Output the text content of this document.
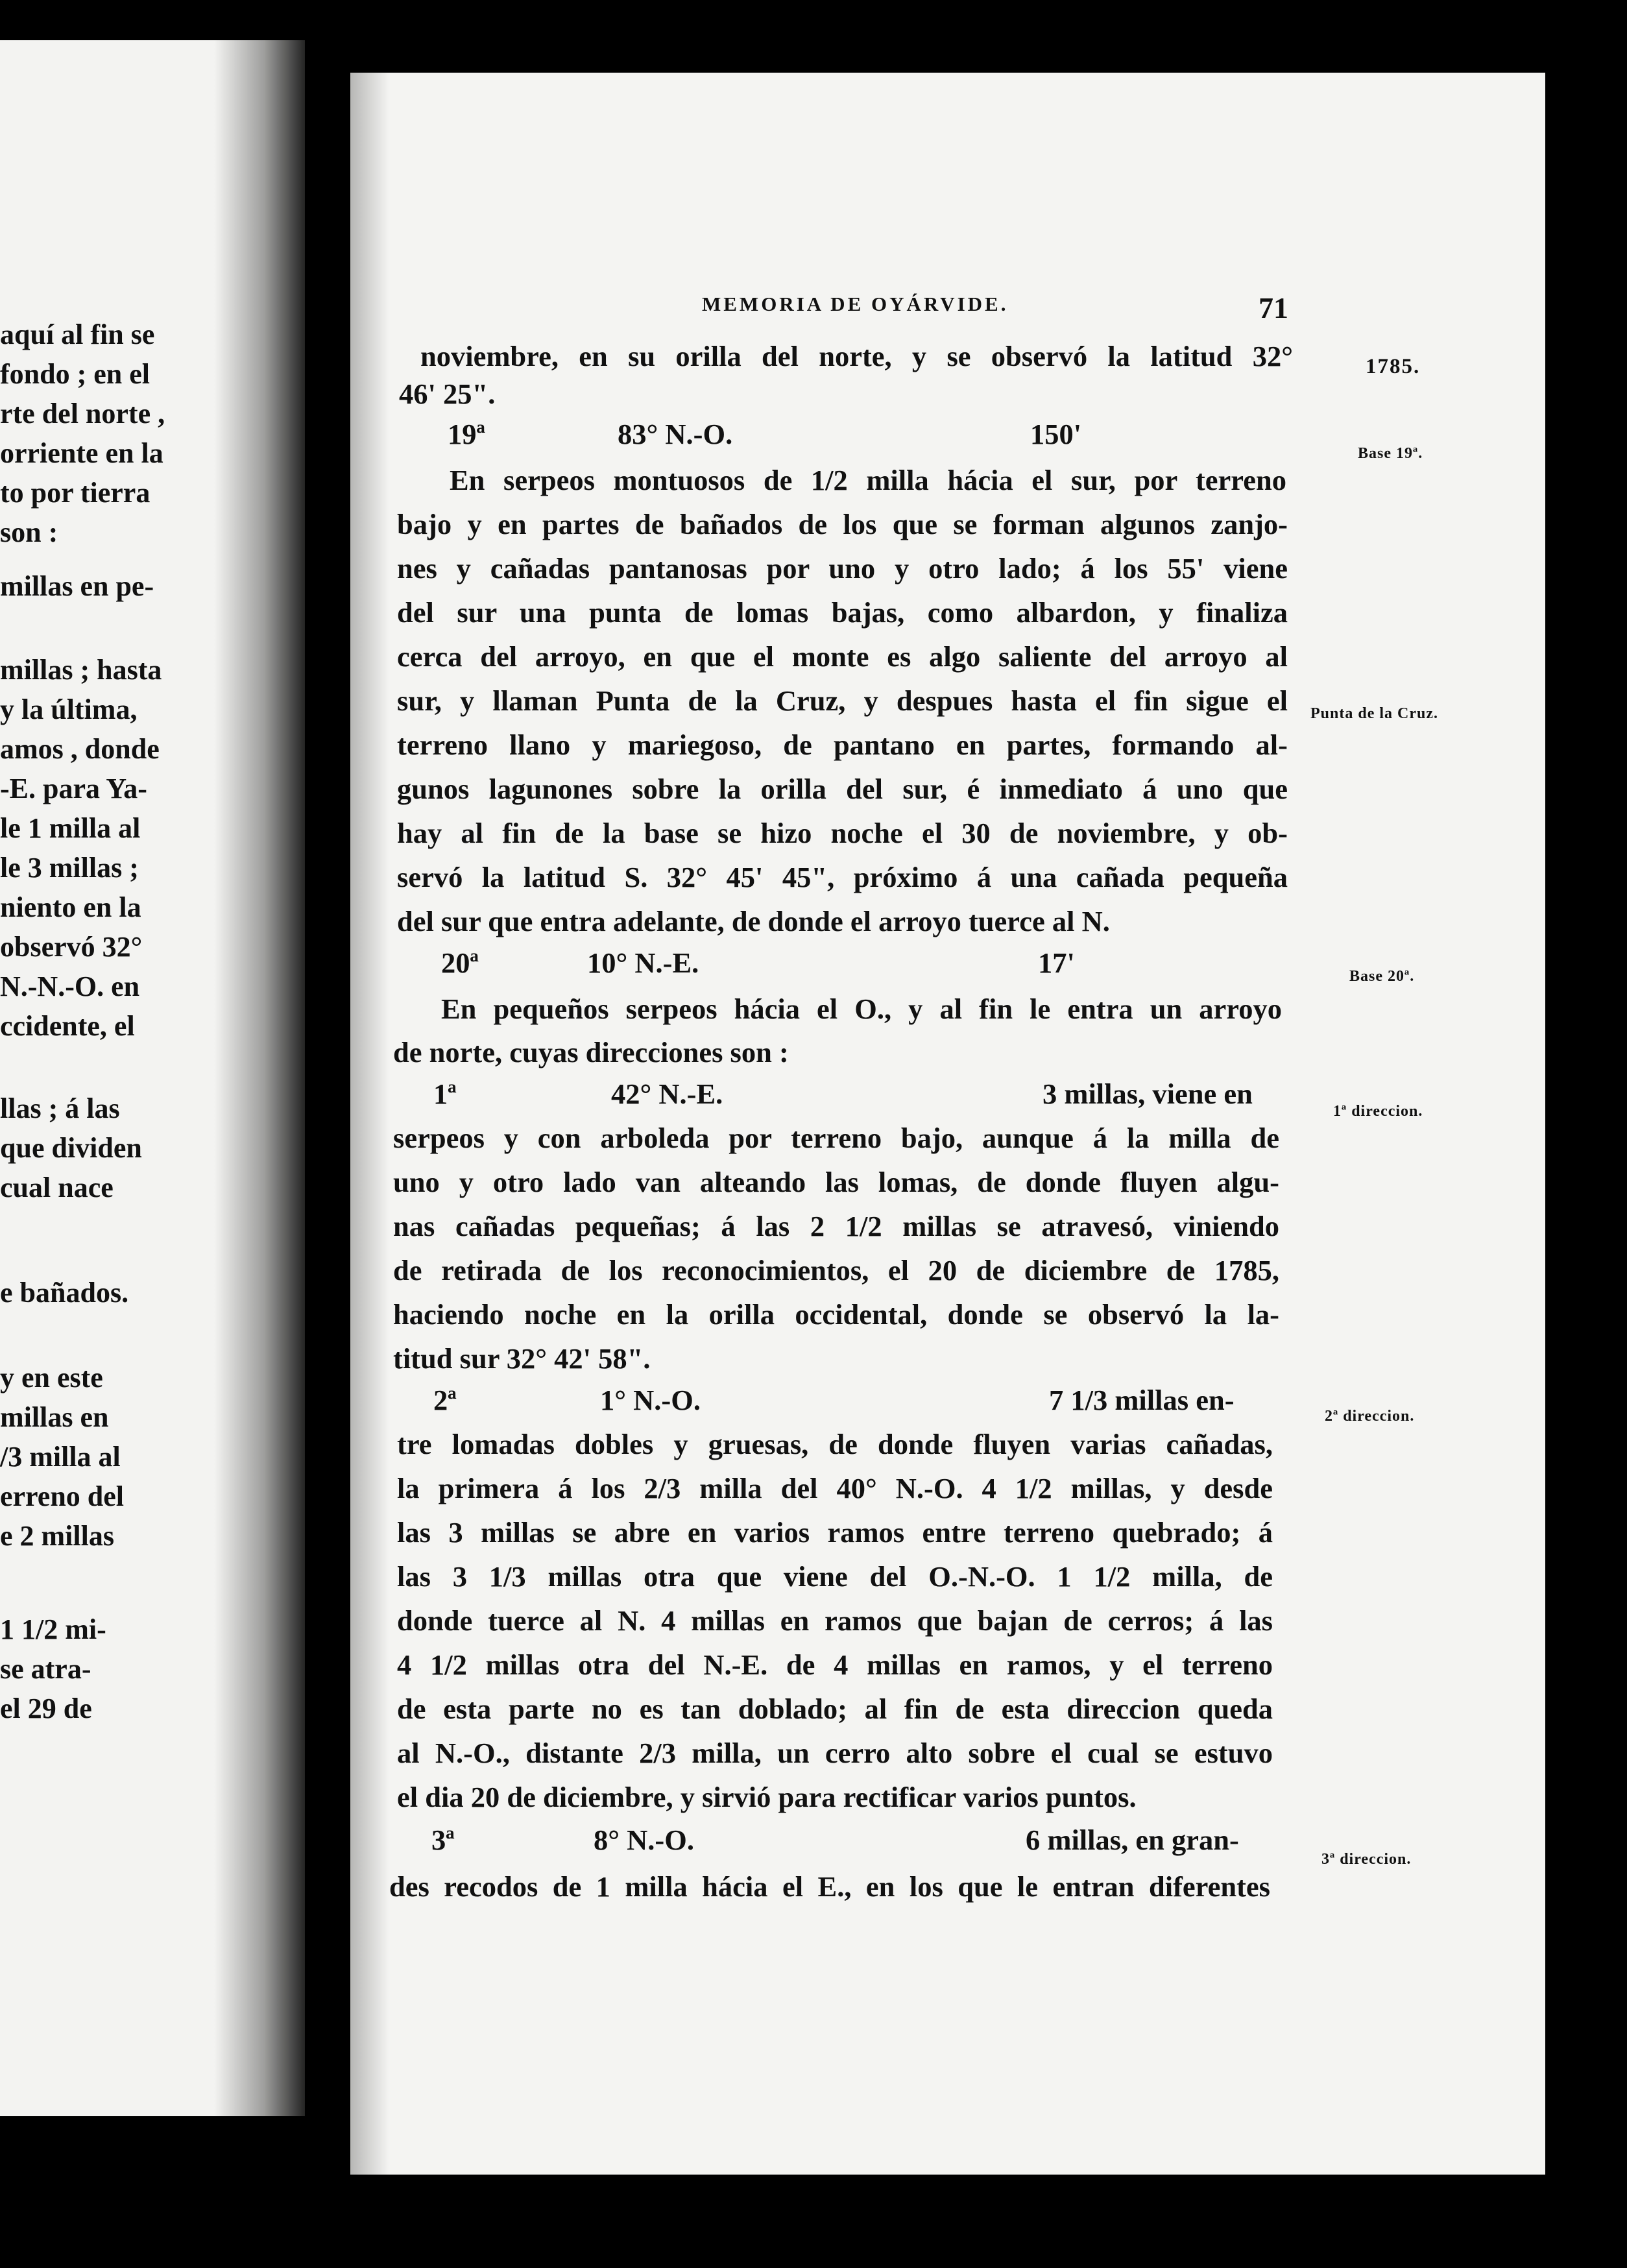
aquí al fin se
fondo ; en el
rte del norte ,
orriente en la
to por tierra
son :
millas en pe-
millas ; hasta
y la última,
amos , donde
-E. para Ya-
le 1 milla al
le 3 millas ;
niento en la
observó 32°
N.-N.-O. en
ccidente, el
llas ; á las
que dividen
cual nace
e bañados.
y en este
millas en
/3 milla al
erreno del
e 2 millas
1 1/2 mi-
se atra-
el 29 de
MEMORIA DE OYÁRVIDE.	71
1785.
Base 19ª.
Punta de la Cruz.
Base 20ª.
1ª direccion.
2ª direccion.
3ª direccion.
noviembre, en su orilla del norte, y se observó la latitud 32°
46' 25".
19ª	83° N.-O.	150'
En serpeos montuosos de 1/2 milla hácia el sur, por terreno
bajo y en partes de bañados de los que se forman algunos zanjo-
nes y cañadas pantanosas por uno y otro lado; á los 55' viene
del sur una punta de lomas bajas, como albardon, y finaliza
cerca del arroyo, en que el monte es algo saliente del arroyo al
sur, y llaman Punta de la Cruz, y despues hasta el fin sigue el
terreno llano y mariegoso, de pantano en partes, formando al-
gunos lagunones sobre la orilla del sur, é inmediato á uno que
hay al fin de la base se hizo noche el 30 de noviembre, y ob-
servó la latitud S. 32° 45' 45", próximo á una cañada pequeña
del sur que entra adelante, de donde el arroyo tuerce al N.
20ª	10° N.-E.	17'
En pequeños serpeos hácia el O., y al fin le entra un arroyo
de norte, cuyas direcciones son :
1ª	42° N.-E.	3 millas, viene en
serpeos y con arboleda por terreno bajo, aunque á la milla de
uno y otro lado van alteando las lomas, de donde fluyen algu-
nas cañadas pequeñas; á las 2 1/2 millas se atravesó, viniendo
de retirada de los reconocimientos, el 20 de diciembre de 1785,
haciendo noche en la orilla occidental, donde se observó la la-
titud sur 32° 42' 58".
2ª	1° N.-O.	7 1/3 millas en-
tre lomadas dobles y gruesas, de donde fluyen varias cañadas,
la primera á los 2/3 milla del 40° N.-O. 4 1/2 millas, y desde
las 3 millas se abre en varios ramos entre terreno quebrado; á
las 3 1/3 millas otra que viene del O.-N.-O. 1 1/2 milla, de
donde tuerce al N. 4 millas en ramos que bajan de cerros; á las
4 1/2 millas otra del N.-E. de 4 millas en ramos, y el terreno
de esta parte no es tan doblado; al fin de esta direccion queda
al N.-O., distante 2/3 milla, un cerro alto sobre el cual se estuvo
el dia 20 de diciembre, y sirvió para rectificar varios puntos.
3ª	8° N.-O.	6 millas, en gran-
des recodos de 1 milla hácia el E., en los que le entran diferentes
